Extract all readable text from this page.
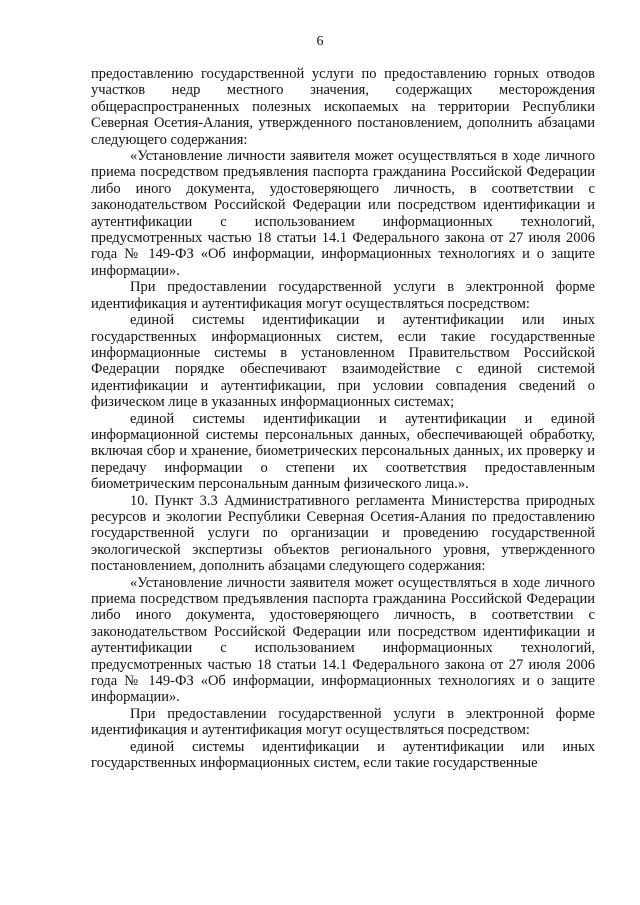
6

предоставлению государственной услуги по предоставлению горных отводов участков недр местного значения, содержащих месторождения общераспространенных полезных ископаемых на территории Республики Северная Осетия-Алания, утвержденного постановлением, дополнить абзацами следующего содержания:

«Установление личности заявителя может осуществляться в ходе личного приема посредством предъявления паспорта гражданина Российской Федерации либо иного документа, удостоверяющего личность, в соответствии с законодательством Российской Федерации или посредством идентификации и аутентификации с использованием информационных технологий, предусмотренных частью 18 статьи 14.1 Федерального закона от 27 июля 2006 года № 149-ФЗ «Об информации, информационных технологиях и о защите информации».

При предоставлении государственной услуги в электронной форме идентификация и аутентификация могут осуществляться посредством:

единой системы идентификации и аутентификации или иных государственных информационных систем, если такие государственные информационные системы в установленном Правительством Российской Федерации порядке обеспечивают взаимодействие с единой системой идентификации и аутентификации, при условии совпадения сведений о физическом лице в указанных информационных системах;

единой системы идентификации и аутентификации и единой информационной системы персональных данных, обеспечивающей обработку, включая сбор и хранение, биометрических персональных данных, их проверку и передачу информации о степени их соответствия предоставленным биометрическим персональным данным физического лица.».

10. Пункт 3.3 Административного регламента Министерства природных ресурсов и экологии Республики Северная Осетия-Алания по предоставлению государственной услуги по организации и проведению государственной экологической экспертизы объектов регионального уровня, утвержденного постановлением, дополнить абзацами следующего содержания:

«Установление личности заявителя может осуществляться в ходе личного приема посредством предъявления паспорта гражданина Российской Федерации либо иного документа, удостоверяющего личность, в соответствии с законодательством Российской Федерации или посредством идентификации и аутентификации с использованием информационных технологий, предусмотренных частью 18 статьи 14.1 Федерального закона от 27 июля 2006 года № 149-ФЗ «Об информации, информационных технологиях и о защите информации».

При предоставлении государственной услуги в электронной форме идентификация и аутентификация могут осуществляться посредством:

единой системы идентификации и аутентификации или иных государственных информационных систем, если такие государственные
